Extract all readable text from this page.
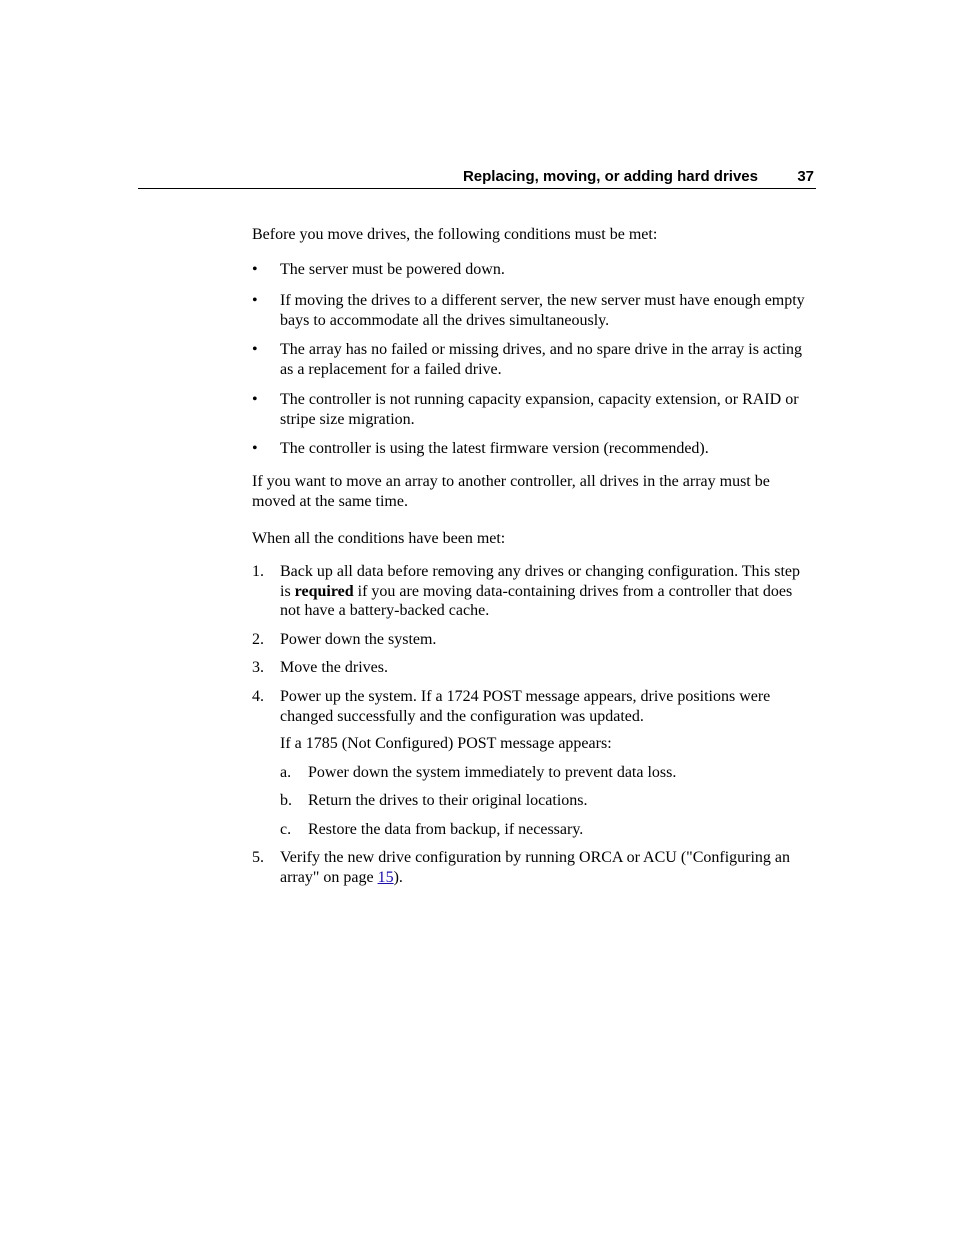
Replacing, moving, or adding hard drives	37
Before you move drives, the following conditions must be met:
• The server must be powered down.
• If moving the drives to a different server, the new server must have enough empty bays to accommodate all the drives simultaneously.
• The array has no failed or missing drives, and no spare drive in the array is acting as a replacement for a failed drive.
• The controller is not running capacity expansion, capacity extension, or RAID or stripe size migration.
• The controller is using the latest firmware version (recommended).
If you want to move an array to another controller, all drives in the array must be moved at the same time.
When all the conditions have been met:
1. Back up all data before removing any drives or changing configuration. This step is required if you are moving data-containing drives from a controller that does not have a battery-backed cache.
2. Power down the system.
3. Move the drives.
4. Power up the system. If a 1724 POST message appears, drive positions were changed successfully and the configuration was updated.
If a 1785 (Not Configured) POST message appears:
a. Power down the system immediately to prevent data loss.
b. Return the drives to their original locations.
c. Restore the data from backup, if necessary.
5. Verify the new drive configuration by running ORCA or ACU ("Configuring an array" on page 15).
